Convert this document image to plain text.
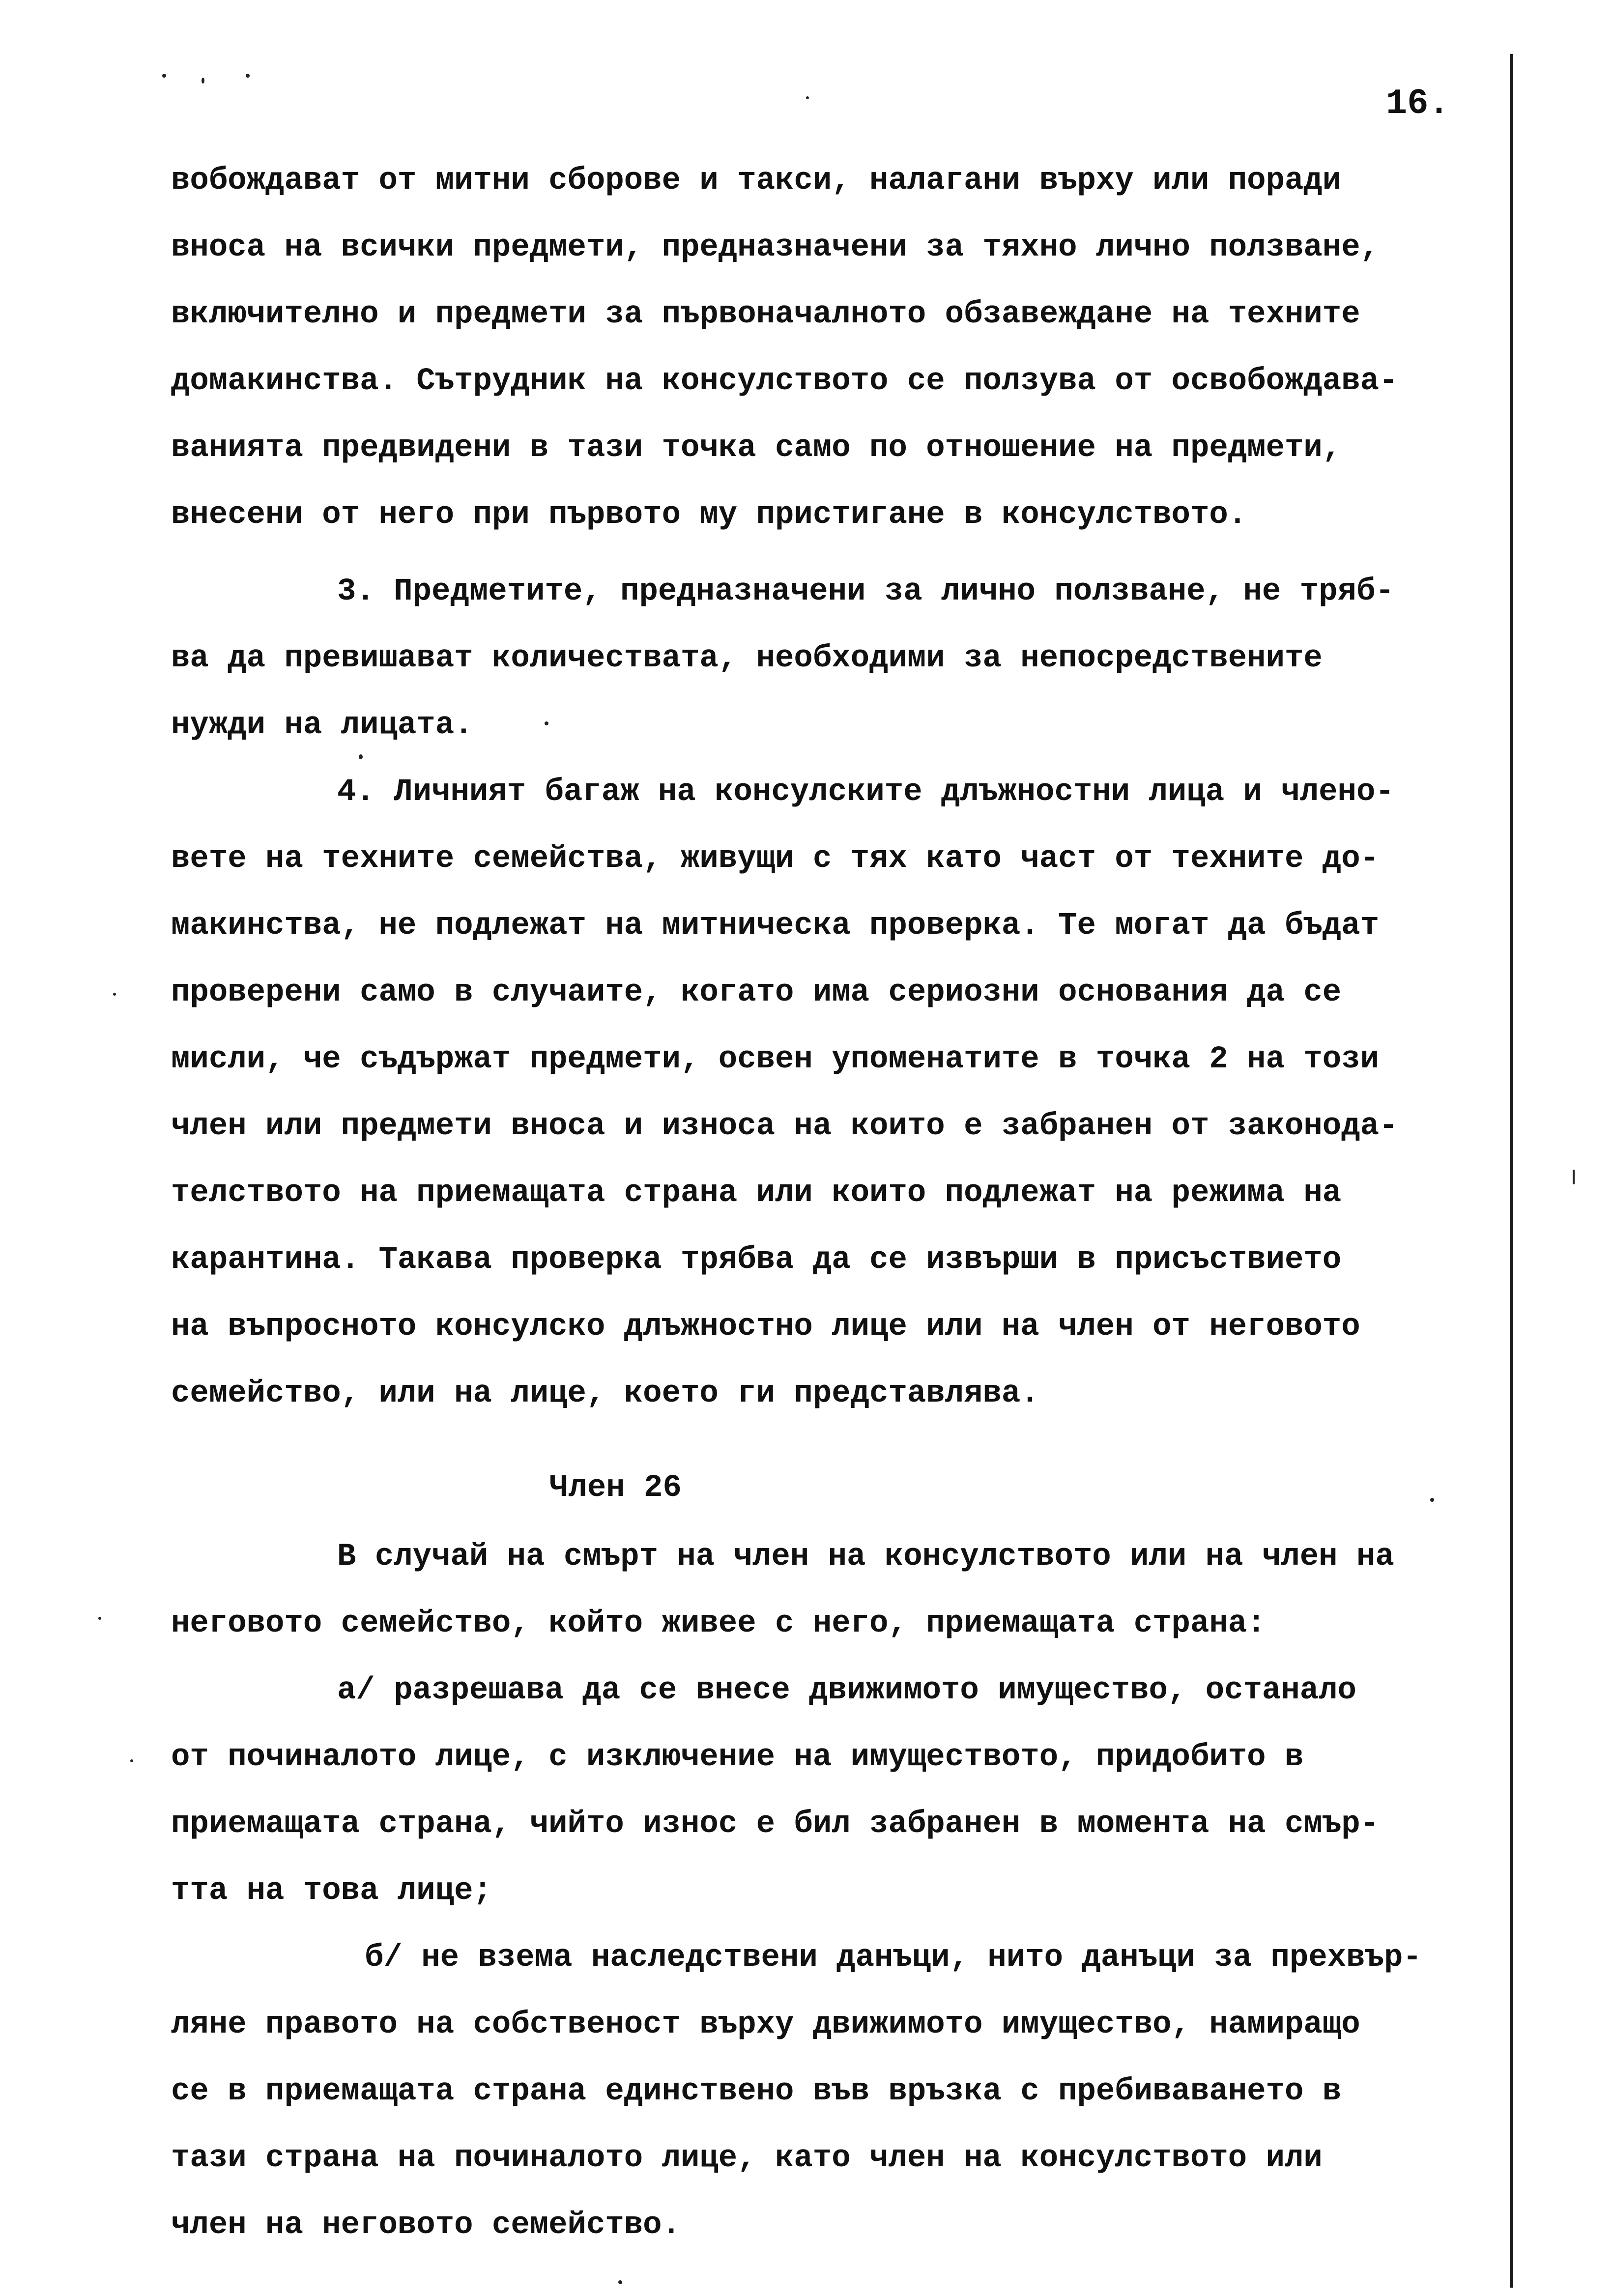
16.
вобождават от митни сборове и такси, налагани върху или поради
вноса на всички предмети, предназначени за тяхно лично ползване,
включително и предмети за първоначалното обзавеждане на техните
домакинства. Сътрудник на консулството се ползува от освобождава-
ванията предвидени в тази точка само по отношение на предмети,
внесени от него при първото му пристигане в консулството.
3. Предметите, предназначени за лично ползване, не тряб-
ва да превишават количествата, необходими за непосредствените
нужди на лицата.
4. Личният багаж на консулските длъжностни лица и члено-
вете на техните семейства, живущи с тях като част от техните до-
макинства, не подлежат на митническа проверка. Те могат да бъдат
проверени само в случаите, когато има сериозни основания да се
мисли, че съдържат предмети, освен упоменатите в точка 2 на този
член или предмети вноса и износа на които е забранен от законода-
телството на приемащата страна или които подлежат на режима на
карантина. Такава проверка трябва да се извърши в присъствието
на въпросното консулско длъжностно лице или на член от неговото
семейство, или на лице, което ги представлява.
Член 26
В случай на смърт на член на консулството или на член на
неговото семейство, който живее с него, приемащата страна:
а/ разрешава да се внесе движимото имущество, останало
от починалото лице, с изключение на имуществото, придобито в
приемащата страна, чийто износ е бил забранен в момента на смър-
тта на това лице;
б/ не взема наследствени данъци, нито данъци за прехвър-
ляне правото на собственост върху движимото имущество, намиращо
се в приемащата страна единствено във връзка с пребиваването в
тази страна на починалото лице, като член на консулството или
член на неговото семейство.
